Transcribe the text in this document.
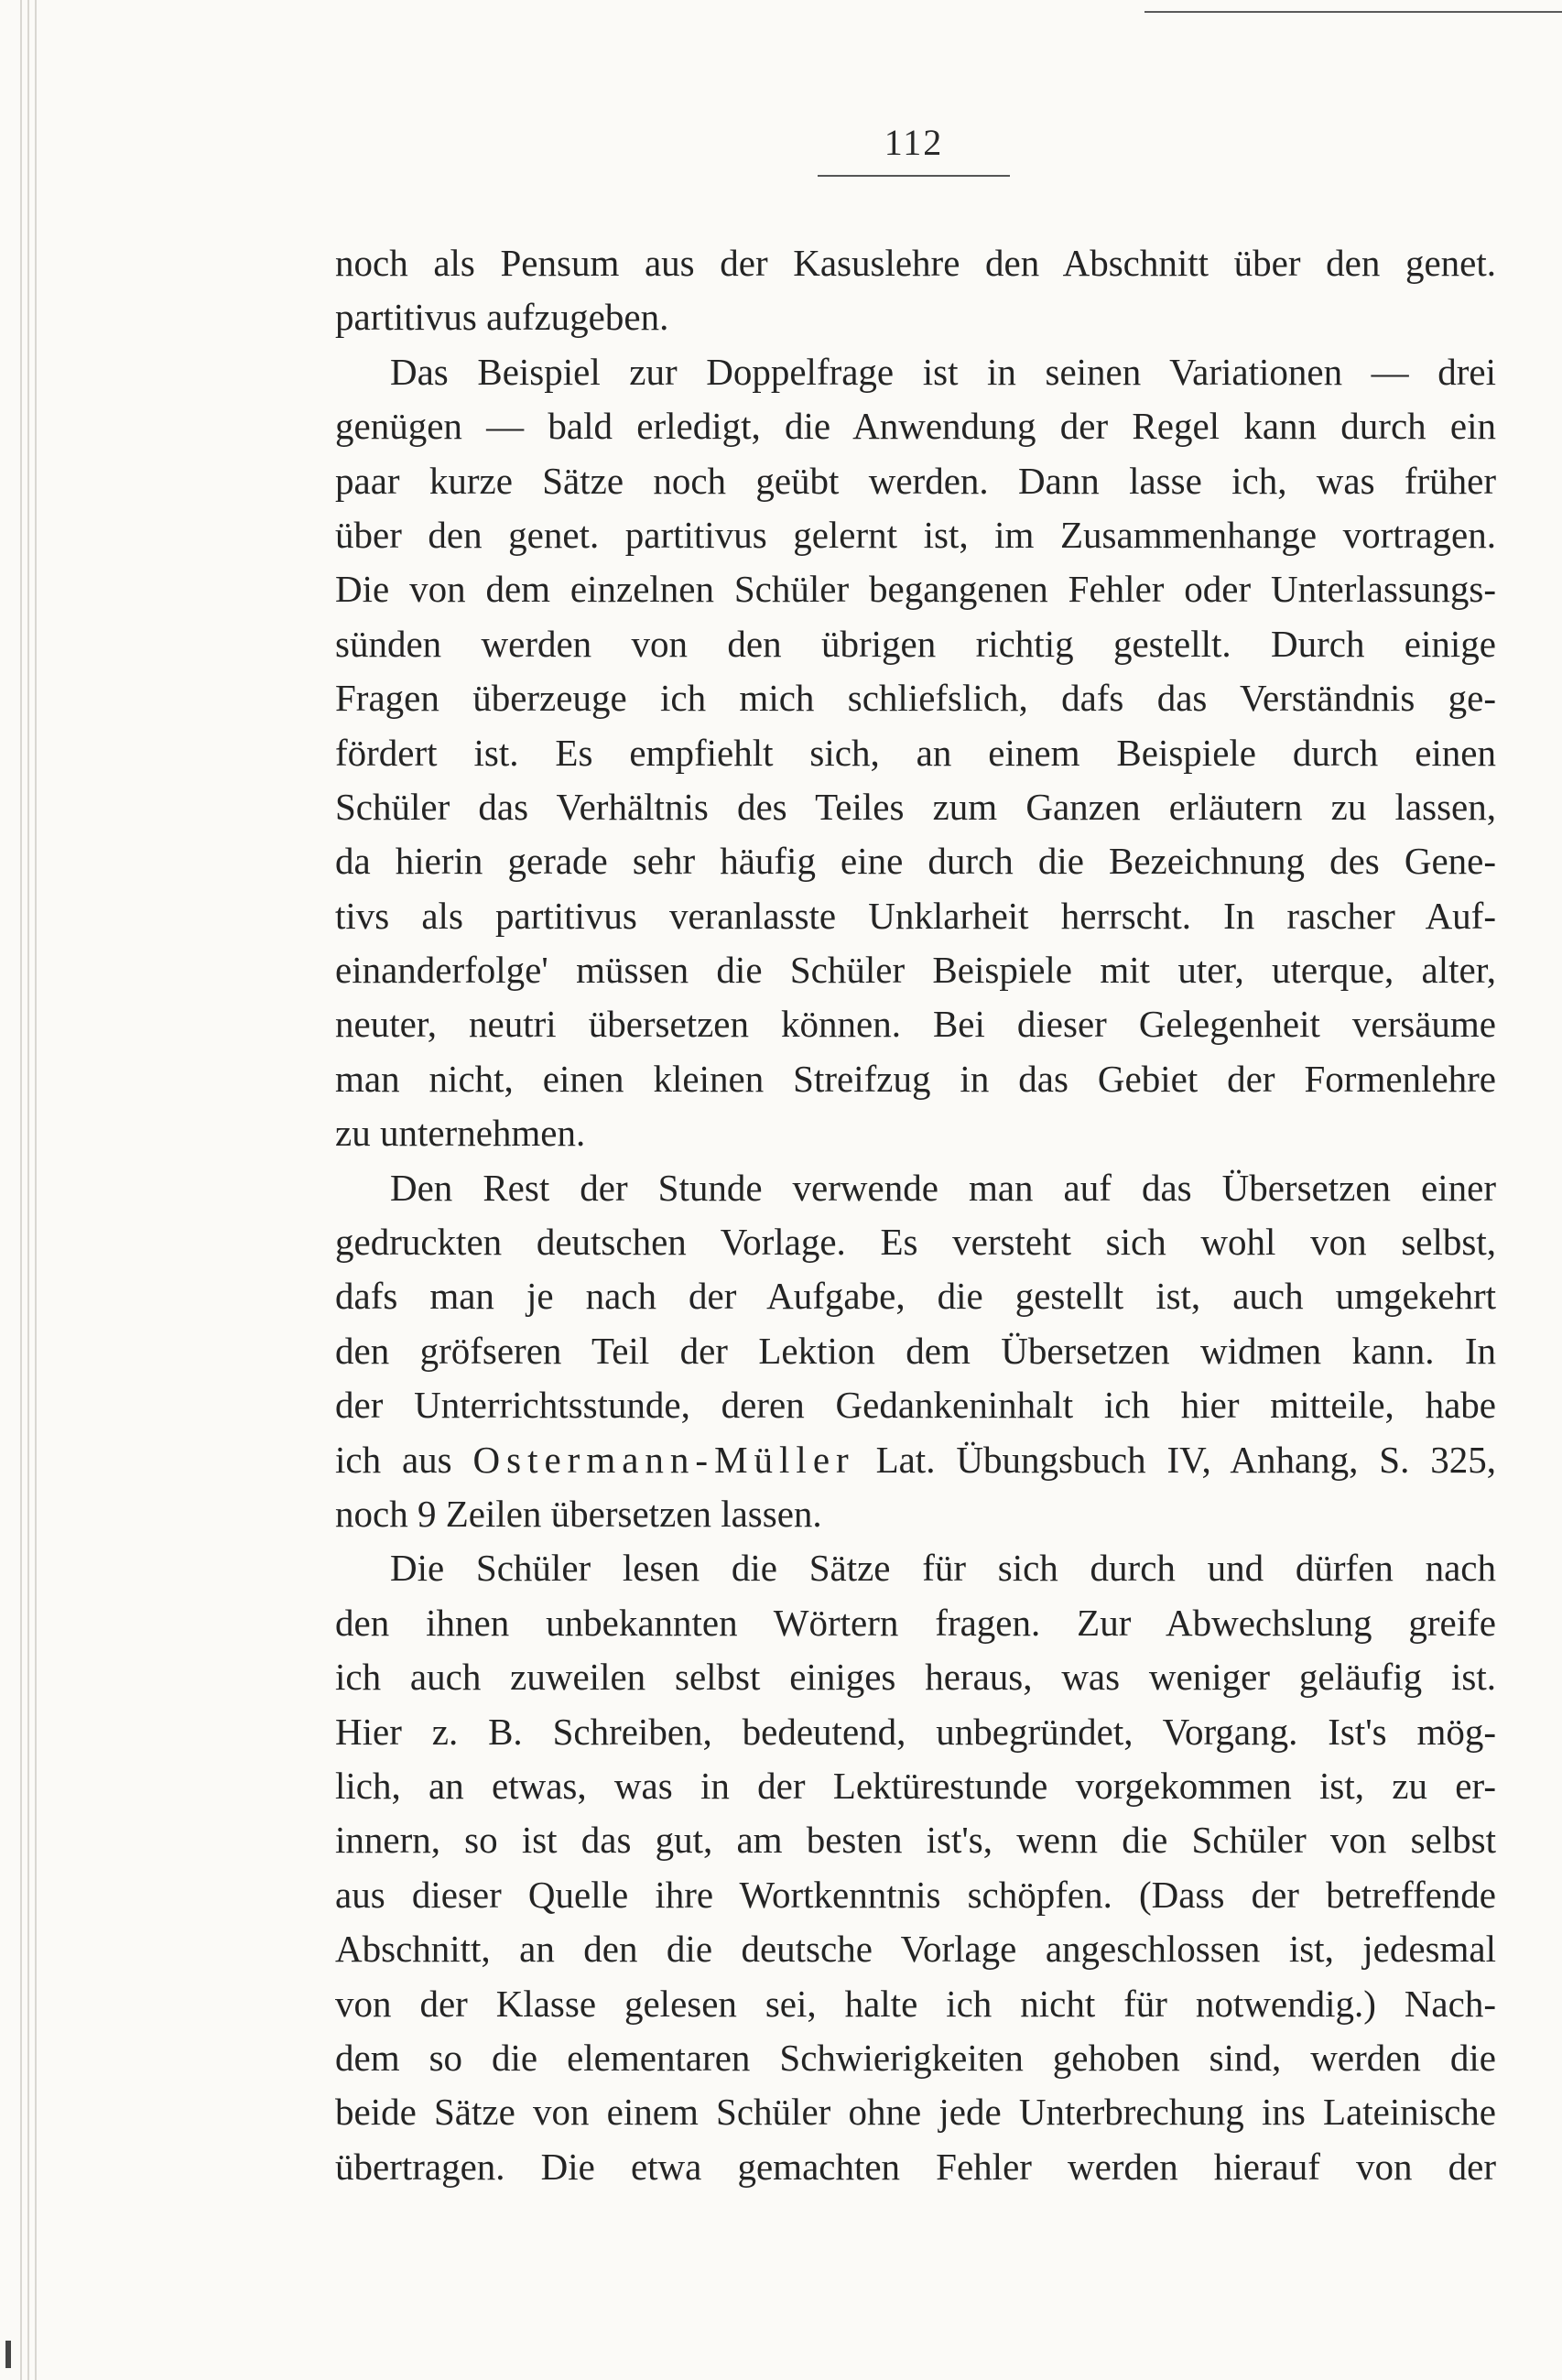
112
noch als Pensum aus der Kasuslehre den Abschnitt über den genet.
partitivus aufzugeben.
Das Beispiel zur Doppelfrage ist in seinen Variationen — drei
genügen — bald erledigt, die Anwendung der Regel kann durch ein
paar kurze Sätze noch geübt werden. Dann lasse ich, was früher
über den genet. partitivus gelernt ist, im Zusammenhange vortragen.
Die von dem einzelnen Schüler begangenen Fehler oder Unterlassungs-
sünden werden von den übrigen richtig gestellt. Durch einige
Fragen überzeuge ich mich schliefslich, dafs das Verständnis ge-
fördert ist. Es empfiehlt sich, an einem Beispiele durch einen
Schüler das Verhältnis des Teiles zum Ganzen erläutern zu lassen,
da hierin gerade sehr häufig eine durch die Bezeichnung des Gene-
tivs als partitivus veranlasste Unklarheit herrscht. In rascher Auf-
einanderfolge' müssen die Schüler Beispiele mit uter, uterque, alter,
neuter, neutri übersetzen können. Bei dieser Gelegenheit versäume
man nicht, einen kleinen Streifzug in das Gebiet der Formenlehre
zu unternehmen.
Den Rest der Stunde verwende man auf das Übersetzen einer
gedruckten deutschen Vorlage. Es versteht sich wohl von selbst,
dafs man je nach der Aufgabe, die gestellt ist, auch umgekehrt
den gröfseren Teil der Lektion dem Übersetzen widmen kann. In
der Unterrichtsstunde, deren Gedankeninhalt ich hier mitteile, habe
ich aus Ostermann-Müller Lat. Übungsbuch IV, Anhang, S. 325,
noch 9 Zeilen übersetzen lassen.
Die Schüler lesen die Sätze für sich durch und dürfen nach
den ihnen unbekannten Wörtern fragen. Zur Abwechslung greife
ich auch zuweilen selbst einiges heraus, was weniger geläufig ist.
Hier z. B. Schreiben, bedeutend, unbegründet, Vorgang. Ist's mög-
lich, an etwas, was in der Lektürestunde vorgekommen ist, zu er-
innern, so ist das gut, am besten ist's, wenn die Schüler von selbst
aus dieser Quelle ihre Wortkenntnis schöpfen. (Dass der betreffende
Abschnitt, an den die deutsche Vorlage angeschlossen ist, jedesmal
von der Klasse gelesen sei, halte ich nicht für notwendig.) Nach-
dem so die elementaren Schwierigkeiten gehoben sind, werden die
beide Sätze von einem Schüler ohne jede Unterbrechung ins Lateinische
übertragen. Die etwa gemachten Fehler werden hierauf von der
